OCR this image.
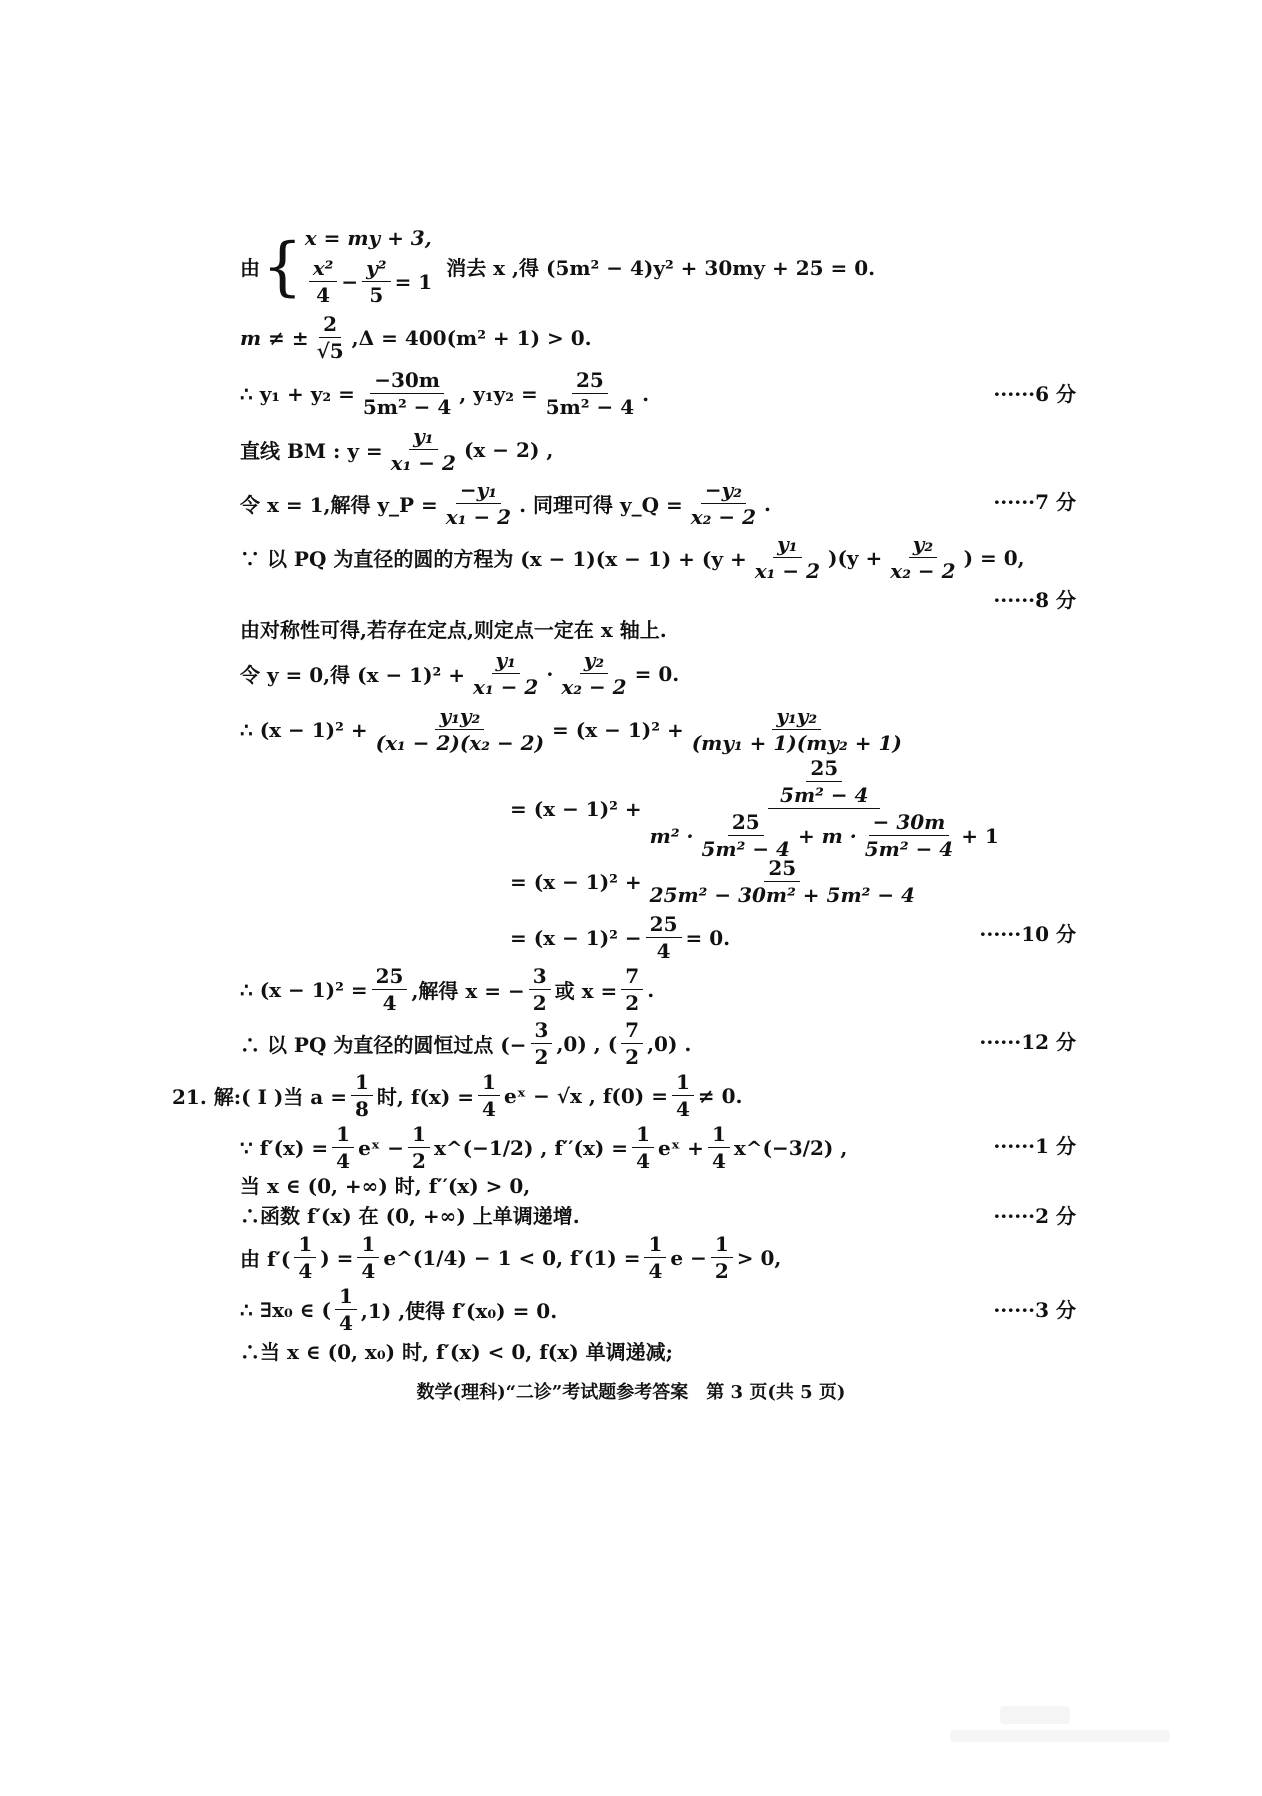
由 { x = my + 3,
$\frac{\text{x²}}{4} - \frac{\text{y²}}{5} = 1$
消去 x ,得 (5m² − 4)y² + 30my + 25 = 0.
m ≠ ± $\frac{2}{√5} ,\Delta = 400(m^2 + 1) > 0$.
∴ $y_1 + y_2 = \frac{-30m}{\text{5m² − 4}}$ , $y_1y_2 = \frac{25}{\text{5m² − 4}}$ .	······6 分
直线 BM : $y = \frac{\text{y₁}}{\text{x₁ − 2}} (x - 2)$ ,
令 x = 1,解得 y_P = $\frac{\text{−y₁}}{\text{x₁ − 2}}$ . 同理可得 y_Q = $\frac{\text{−y₂}}{\text{x₂ − 2}}$ .	······7 分
∵ 以 PQ 为直径的圆的方程为 $(x - 1)(x - 1) + (y + \frac{\text{y₁}}{\text{x₁ − 2}} )(y + \frac{\text{y₂}}{\text{x₂ − 2}}$ ) = 0,
······8 分
由对称性可得,若存在定点,则定点一定在 x 轴上.
令 y = 0,得 $(x - 1)^2 + \frac{\text{y₁}}{\text{x₁ − 2}} \cdot \frac{\text{y₂}}{\text{x₂ − 2}} = 0$.
∴ $(x - 1)^2 + \frac{\text{y₁y₂}}{\text{(x₁ − 2)(x₂ − 2)}} = (x - 1)^2 + \frac{\text{y₁y₂}}{\text{(my₁ + 1)(my₂ + 1)}}$
= (x − 1)² +
$\frac{25}{\text{5m² − 4}}$
$m^2 \cdot \frac{25}{\text{5m² − 4}} + m \cdot \frac{- 30m}{\text{5m² − 4}} + 1$
= $(x - 1)^2 + \frac{25}{\text{25m² − 30m² + 5m² − 4}}$
= $(x - 1)^2 - \frac{25}{4} = 0$.	······10 分
∴ $(x - 1)^2 = \frac{25}{4}$ ,解得 x = − $\frac{3}{2}$ 或 $x = \frac{7}{2}$ .
∴ 以 PQ 为直径的圆恒过点 (− $\frac{3}{2} ,0$) , ( $\frac{7}{2} ,0$) .	······12 分
21. 解:( Ⅰ )当 $a = \frac{1}{8}$ 时, $f(x) = \frac{1}{4}$ eˣ − √x , $f(0) = \frac{1}{4} \ne 0$.
∵ $f'(x) = \frac{1}{4}$ eˣ − $\frac{1}{2}$ x^(−1/2) , $f''(x) = \frac{1}{4}$ eˣ + $\frac{1}{4}$ x^(−3/2) ,	······1 分
当 x ∈ (0, +∞) 时, f′′(x) > 0,
∴函数 f′(x) 在 (0, +∞) 上单调递增.	······2 分
由 $f'( \frac{1}{4}$ ) = $\frac{1}{4}$ e^(1/4) − 1 < 0, $f'(1) = \frac{1}{4}$ $e - \frac{1}{2} > 0$,
∴ ∃x₀ ∈ ( $\frac{1}{4} ,1$) ,使得 f′(x₀) = 0.	······3 分
∴当 x ∈ (0, x₀) 时, f′(x) < 0, f(x) 单调递减;
数学(理科)“二诊”考试题参考答案　第 3 页(共 5 页)
